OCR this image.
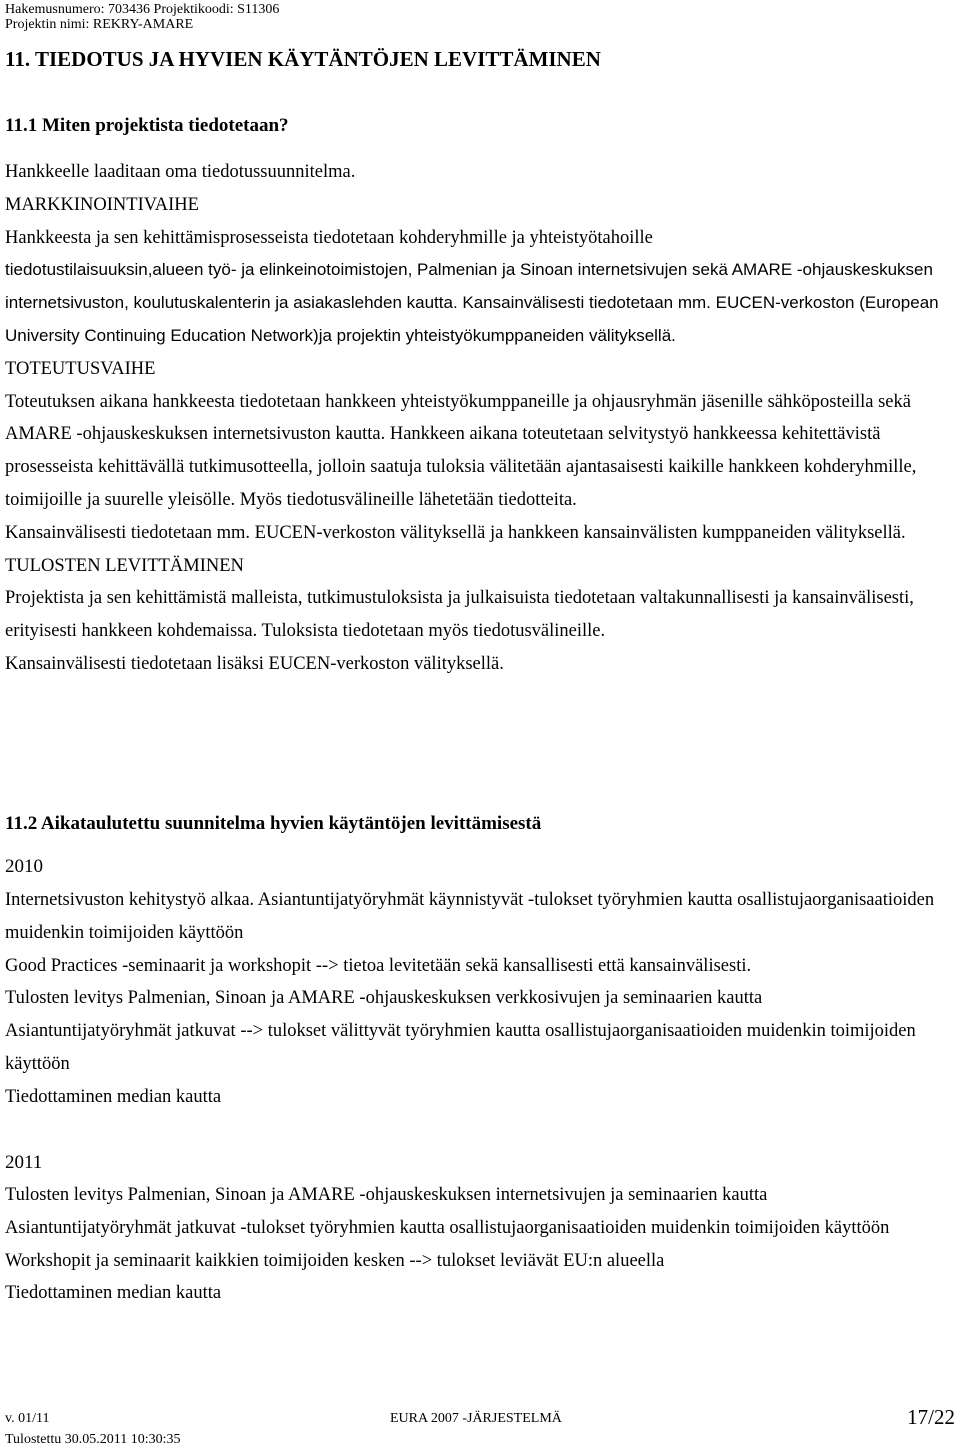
Hakemusnumero: 703436 Projektikoodi: S11306
Projektin nimi: REKRY-AMARE
11. TIEDOTUS JA HYVIEN KÄYTÄNTÖJEN LEVITTÄMINEN
11.1 Miten projektista tiedotetaan?

Hankkeelle laaditaan oma tiedotussuunnitelma.

MARKKINOINTIVAIHE

Hankkeesta ja sen kehittämisprosesseista tiedotetaan kohderyhmille ja yhteistyötahoille

tiedotustilaisuuksin,alueen työ- ja elinkeinotoimistojen, Palmenian ja Sinoan internetsivujen sekä AMARE -ohjauskeskuksen internetsivuston, koulutuskalenterin ja asiakaslehden kautta. Kansainvälisesti tiedotetaan mm. EUCEN-verkoston (European University Continuing Education Network)ja projektin yhteistyökumppaneiden välityksellä.

TOTEUTUSVAIHE

Toteutuksen aikana hankkeesta tiedotetaan hankkeen yhteistyökumppaneille ja ohjausryhmän jäsenille sähköposteilla sekä AMARE -ohjauskeskuksen internetsivuston kautta. Hankkeen aikana toteutetaan selvitystyö hankkeessa kehitettävistä prosesseista kehittävällä tutkimusotteella, jolloin saatuja tuloksia välitetään ajantasaisesti kaikille hankkeen kohderyhmille, toimijoille ja suurelle yleisölle. Myös tiedotusvälineille lähetetään tiedotteita.

Kansainvälisesti tiedotetaan mm. EUCEN-verkoston välityksellä ja hankkeen kansainvälisten kumppaneiden välityksellä.

TULOSTEN LEVITTÄMINEN

Projektista ja sen kehittämistä malleista, tutkimustuloksista ja julkaisuista tiedotetaan valtakunnallisesti ja kansainvälisesti, erityisesti hankkeen kohdemaissa. Tuloksista tiedotetaan myös tiedotusvälineille.

Kansainvälisesti tiedotetaan lisäksi EUCEN-verkoston välityksellä.

11.2 Aikataulutettu suunnitelma hyvien käytäntöjen levittämisestä
2010

Internetsivuston kehitystyö alkaa. Asiantuntijatyöryhmät käynnistyvät -tulokset työryhmien kautta osallistujaorganisaatioiden muidenkin toimijoiden käyttöön

Good Practices -seminaarit ja workshopit --> tietoa levitetään sekä kansallisesti että kansainvälisesti.

Tulosten levitys Palmenian, Sinoan ja AMARE -ohjauskeskuksen verkkosivujen ja seminaarien kautta

Asiantuntijatyöryhmät jatkuvat --> tulokset välittyvät työryhmien kautta osallistujaorganisaatioiden muidenkin toimijoiden käyttöön

Tiedottaminen median kautta

2011

Tulosten levitys Palmenian, Sinoan ja AMARE -ohjauskeskuksen internetsivujen ja seminaarien kautta

Asiantuntijatyöryhmät jatkuvat -tulokset työryhmien kautta osallistujaorganisaatioiden muidenkin toimijoiden käyttöön

Workshopit ja seminaarit kaikkien toimijoiden kesken --> tulokset leviävät EU:n alueella

Tiedottaminen median kautta

v. 01/11	EURA 2007 -JÄRJESTELMÄ	17/22
Tulostettu 30.05.2011 10:30:35
